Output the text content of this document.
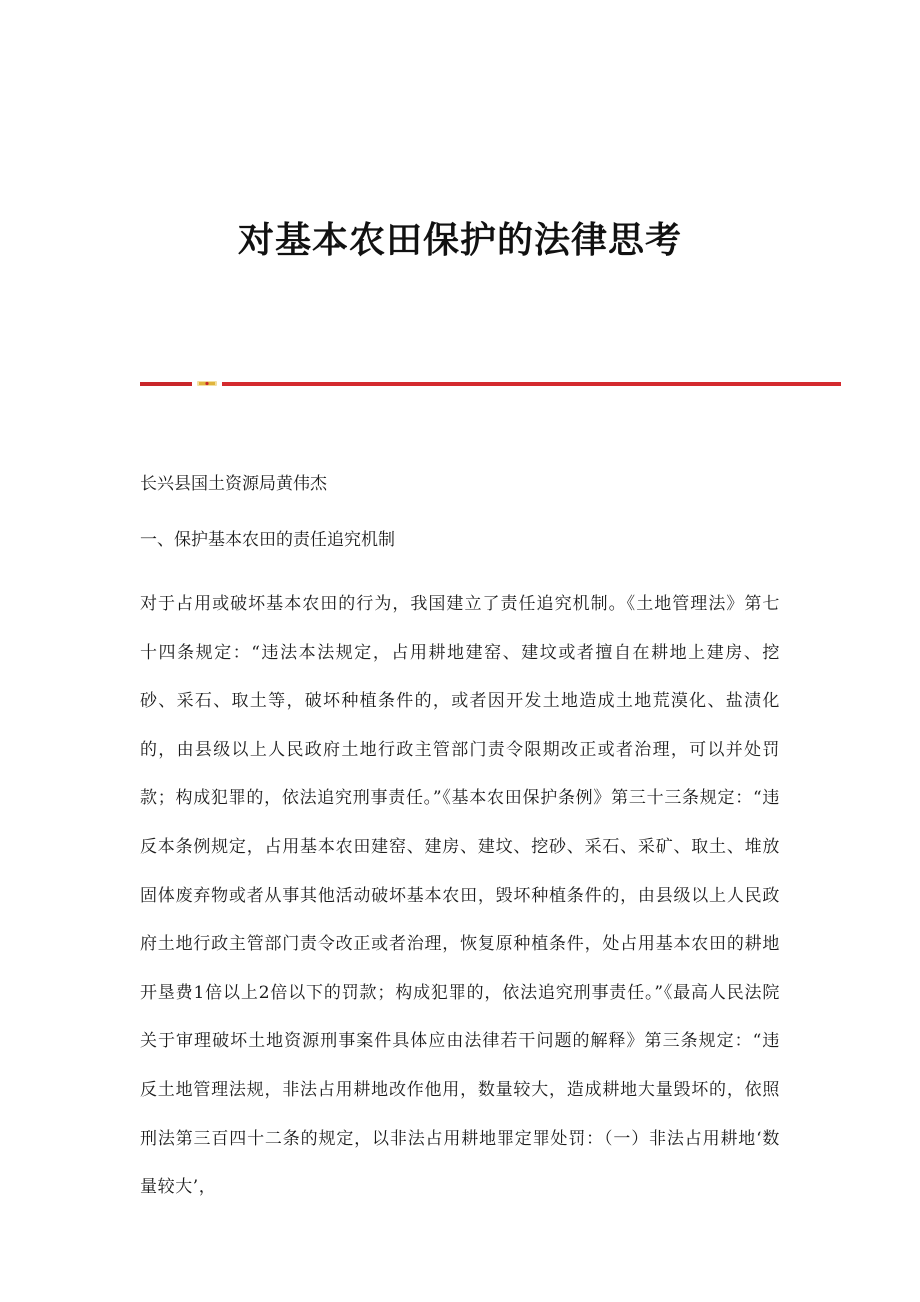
对基本农田保护的法律思考

长兴县国土资源局黄伟杰

一、保护基本农田的责任追究机制

对于占用或破坏基本农田的行为，我国建立了责任追究机制。《土地管理法》第七十四条规定：“违法本法规定，占用耕地建窑、建坟或者擅自在耕地上建房、挖砂、采石、取土等，破坏种植条件的，或者因开发土地造成土地荒漠化、盐渍化的，由县级以上人民政府土地行政主管部门责令限期改正或者治理，可以并处罚款；构成犯罪的，依法追究刑事责任。”《基本农田保护条例》第三十三条规定：“违反本条例规定，占用基本农田建窑、建房、建坟、挖砂、采石、采矿、取土、堆放固体废弃物或者从事其他活动破坏基本农田，毁坏种植条件的，由县级以上人民政府土地行政主管部门责令改正或者治理，恢复原种植条件，处占用基本农田的耕地开垦费1倍以上2倍以下的罚款；构成犯罪的，依法追究刑事责任。”《最高人民法院关于审理破坏土地资源刑事案件具体应由法律若干问题的解释》第三条规定：“违反土地管理法规，非法占用耕地改作他用，数量较大，造成耕地大量毁坏的，依照刑法第三百四十二条的规定，以非法占用耕地罪定罪处罚：（一）非法占用耕地‘数量较大’，
